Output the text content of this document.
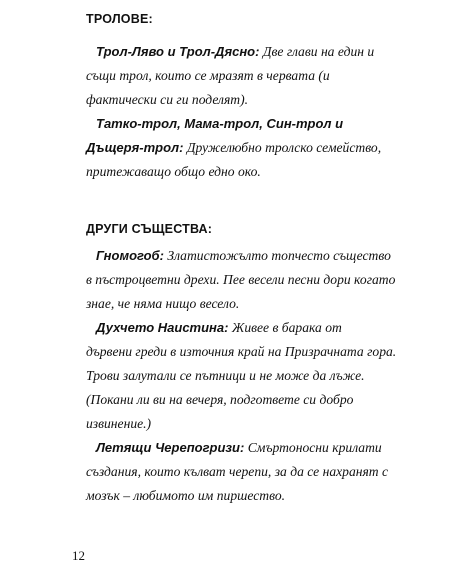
ТРОЛОВЕ:
Трол-Ляво и Трол-Дясно: Две глави на един и
същи трол, които се мразят в червата (и
фактически си ги поделят).
Татко-трол, Мама-трол, Син-трол и
Дъщеря-трол: Дружелюбно тролско семейство,
притежаващо общо едно око.
ДРУГИ СЪЩЕСТВА:
Гномогоб: Златистожълто топчесто същество
в пъстроцветни дрехи. Пее весели песни дори когато
знае, че няма нищо весело.
Духчето Наистина: Живее в барака от
дървени греди в източния край на Призрачната гора.
Трови залутали се пътници и не може да лъже.
(Покани ли ви на вечеря, подгответе си добро
извинение.)
Летящи Черепогризи: Смъртоносни крилати
създания, които кълват черепи, за да се нахранят с
мозък – любимото им пиршество.
12
